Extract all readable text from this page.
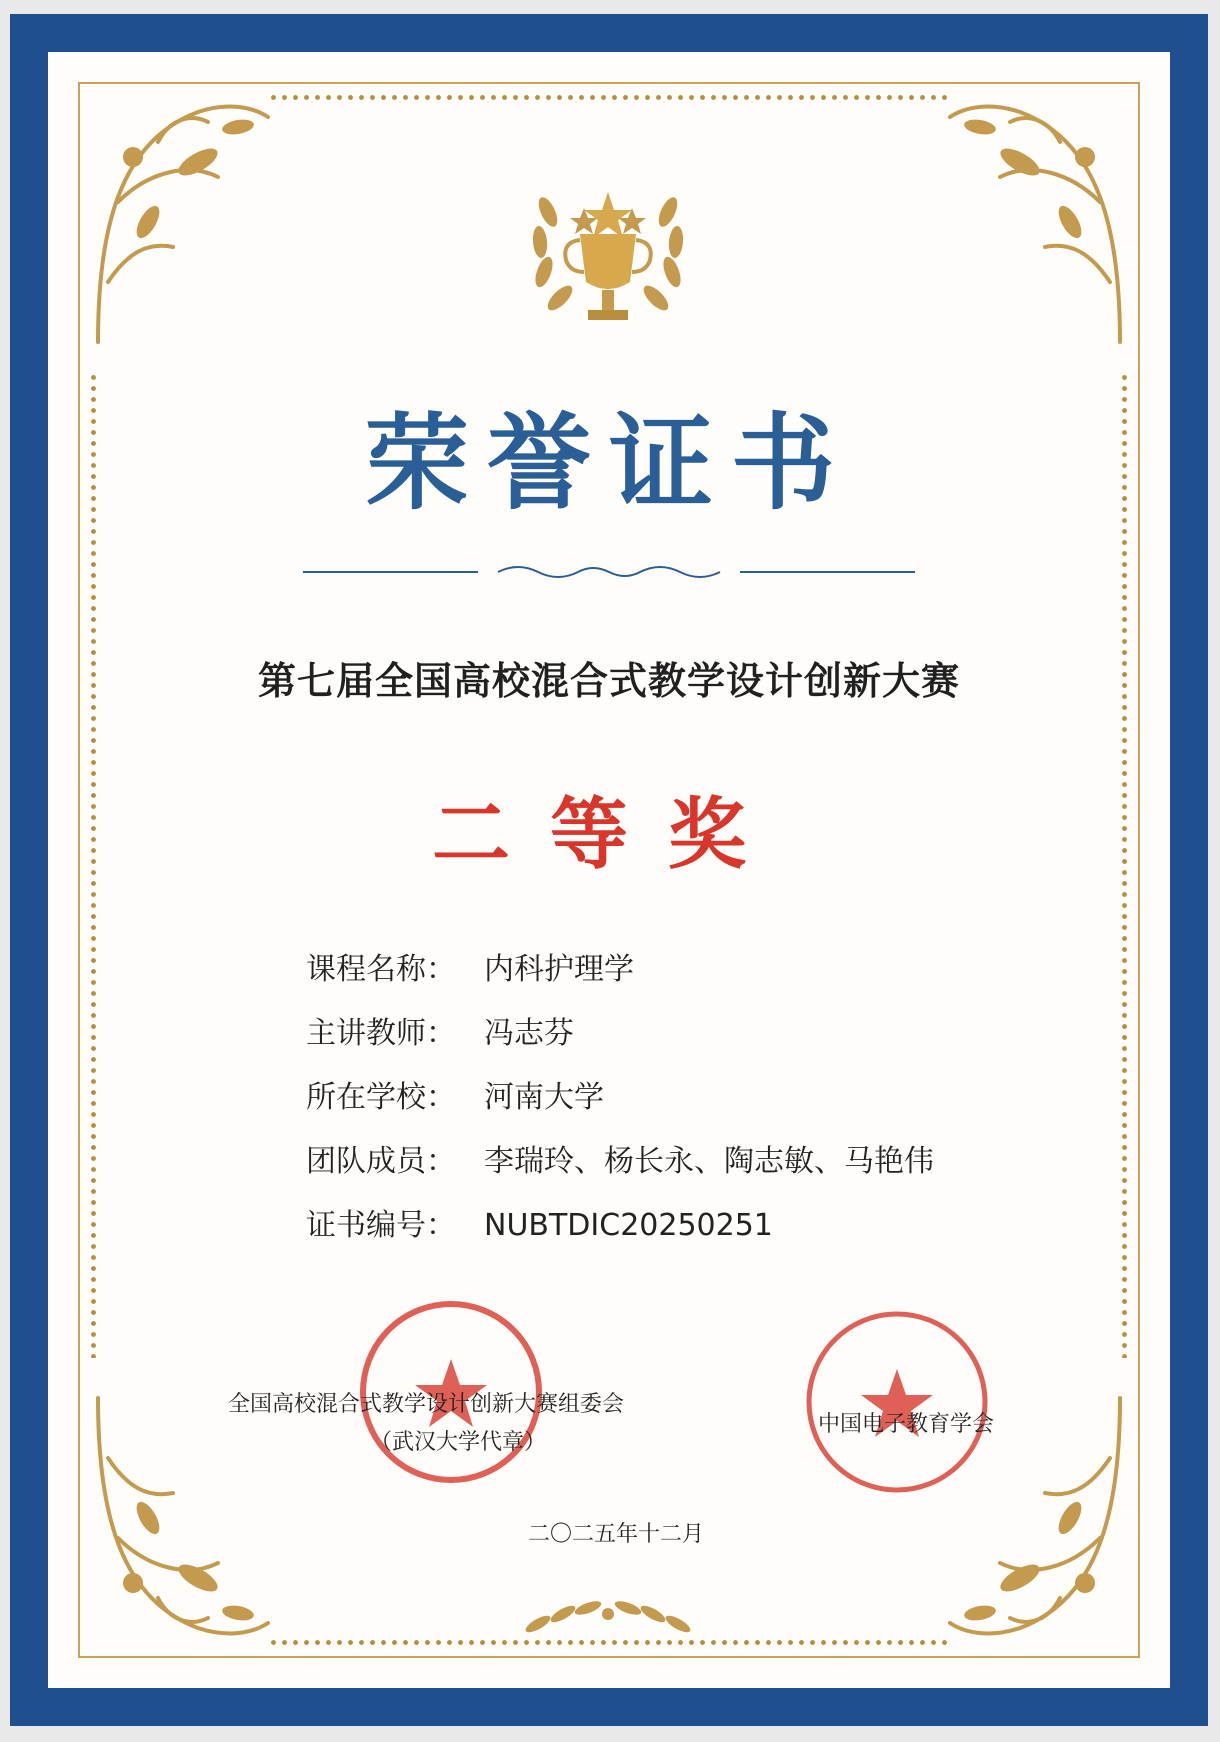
荣誉证书
第七届全国高校混合式教学设计创新大赛
二等奖
课程名称： 内科护理学
主讲教师： 冯志芬
所在学校： 河南大学
团队成员： 李瑞玲、杨长永、陶志敏、马艳伟
证书编号： NUBTDIC20250251
全国高校混合式教学设计创新大赛组委会
（武汉大学代章）
中国电子教育学会
二〇二五年十二月
